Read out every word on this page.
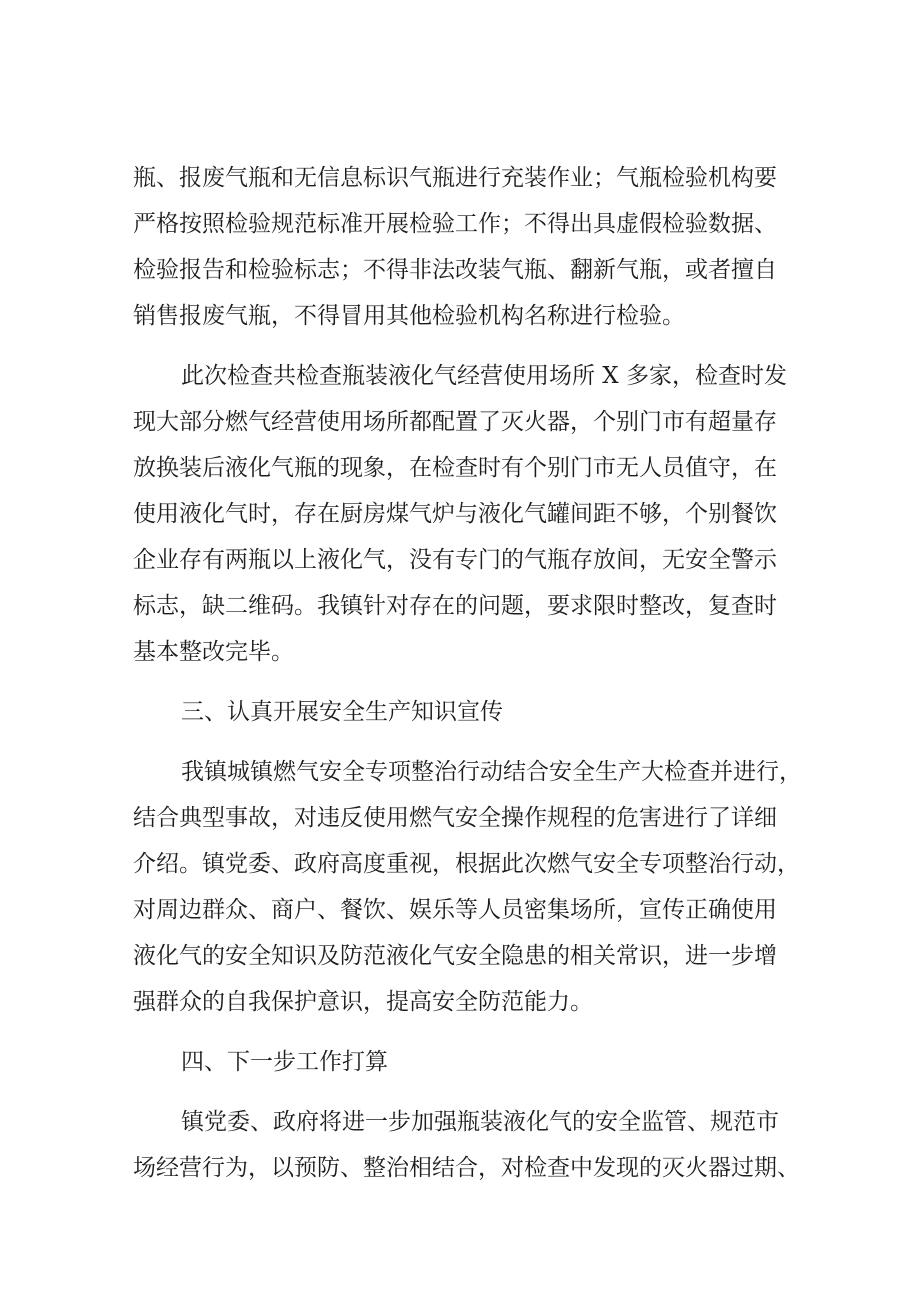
瓶、报废气瓶和无信息标识气瓶进行充装作业；气瓶检验机构要
严格按照检验规范标准开展检验工作；不得出具虚假检验数据、
检验报告和检验标志；不得非法改装气瓶、翻新气瓶，或者擅自
销售报废气瓶，不得冒用其他检验机构名称进行检验。
此次检查共检查瓶装液化气经营使用场所 X 多家，检查时发
现大部分燃气经营使用场所都配置了灭火器，个别门市有超量存
放换装后液化气瓶的现象，在检查时有个别门市无人员值守，在
使用液化气时，存在厨房煤气炉与液化气罐间距不够，个别餐饮
企业存有两瓶以上液化气，没有专门的气瓶存放间，无安全警示
标志，缺二维码。我镇针对存在的问题，要求限时整改，复查时
基本整改完毕。
三、认真开展安全生产知识宣传
我镇城镇燃气安全专项整治行动结合安全生产大检查并进行，
结合典型事故，对违反使用燃气安全操作规程的危害进行了详细
介绍。镇党委、政府高度重视，根据此次燃气安全专项整治行动，
对周边群众、商户、餐饮、娱乐等人员密集场所，宣传正确使用
液化气的安全知识及防范液化气安全隐患的相关常识，进一步增
强群众的自我保护意识，提高安全防范能力。
四、下一步工作打算
镇党委、政府将进一步加强瓶装液化气的安全监管、规范市
场经营行为，以预防、整治相结合，对检查中发现的灭火器过期、
